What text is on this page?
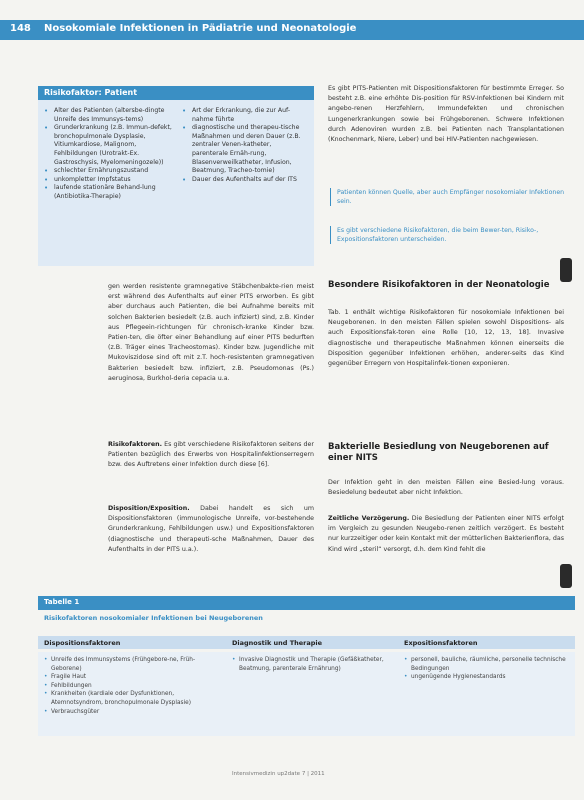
148 Nosokomiale Infektionen in Pädiatrie und Neonatologie
Risikofaktor: Patient
• Alter des Patienten (altersbe-dingte Unreife des Immunsys-tems)
• Grunderkrankung (z.B. Immun-defekt, bronchopulmonale Dysplasie, Vitiumkardiose, Malignom, Fehlbildungen (Urotrakt-Ex. Gastroschysis, Myelomeningozele))
• schlechter Ernährungszustand
• unkompletter Impfstatus
• laufende stationäre Behand-lung (Antibiotika-Therapie)
• Art der Erkrankung, die zur Auf-nahme führte
• diagnostische und therapeu-tische Maßnahmen und deren Dauer (z.B. zentraler Venen-katheter, parenterale Ernäh-rung, Blasenverweilkatheter, Infusion, Beatmung, Tracheo-tomie)
• Dauer des Aufenthalts auf der ITS

Es gibt PITS-Patienten mit Dispositionsfaktoren für bestimmte Erreger. So besteht z.B. eine erhöhte Dis-position für RSV-Infektionen bei Kindern mit angebo-renen Herzfehlern, Immundefekten und chronischen Lungenerkrankungen sowie bei Frühgeborenen. Schwere Infektionen durch Adenoviren wurden z.B. bei Patienten nach Transplantationen (Knochenmark, Niere, Leber) und bei HIV-Patienten nachgewiesen.

Patienten können Quelle, aber auch Empfänger nosokomialer Infektionen sein.
Es gibt verschiedene Risikofaktoren, die beim Bewer-ten, Risiko-, Expositionsfaktoren unterscheiden.

gen werden resistente gramnegative Stäbchenbakte-rien meist erst während des Aufenthalts auf einer PITS erworben. Es gibt aber durchaus auch Patienten, die bei Aufnahme bereits mit solchen Bakterien besiedelt (z.B. auch infiziert) sind, z.B. Kinder aus Pflegeein-richtungen für chronisch-kranke Kinder bzw. Patien-ten, die öfter einer Behandlung auf einer PITS bedurften (z.B. Träger eines Tracheostomas). Kinder bzw. Jugendliche mit Mukoviszidose sind oft mit z.T. hoch-resistenten gramnegativen Bakterien besiedelt bzw. infiziert, z.B. Pseudomonas (Ps.) aeruginosa, Burkhol-deria cepacia u.a.

Risikofaktoren. Es gibt verschiedene Risikofaktoren seitens der Patienten bezüglich des Erwerbs von Hospitalinfektionserregern bzw. des Auftretens einer Infektion durch diese [6].

Disposition/Exposition. Dabei handelt es sich um Dispositionsfaktoren (immunologische Unreife, vor-bestehende Grunderkrankung, Fehlbildungen usw.) und Expositionsfaktoren (diagnostische und therapeuti-sche Maßnahmen, Dauer des Aufenthalts in der PITS u.a.).

Besondere Risikofaktoren in der Neonatologie

Tab. 1 enthält wichtige Risikofaktoren für nosokomiale Infektionen bei Neugeborenen. In den meisten Fällen spielen sowohl Dispositions- als auch Expositionsfak-toren eine Rolle [10, 12, 13, 18]. Invasive diagnostische und therapeutische Maßnahmen können einerseits die Disposition gegenüber Infektionen erhöhen, anderer-seits das Kind gegenüber Erregern von Hospitalinfek-tionen exponieren.

Bakterielle Besiedlung von Neugeborenen auf einer NITS

Der Infektion geht in den meisten Fällen eine Besied-lung voraus. Besiedelung bedeutet aber nicht Infektion.

Zeitliche Verzögerung. Die Besiedlung der Patienten einer NITS erfolgt im Vergleich zu gesunden Neugebo-renen zeitlich verzögert. Es besteht nur kurzzeitiger oder kein Kontakt mit der mütterlichen Bakterienflora, das Kind wird „steril“ versorgt, d.h. dem Kind fehlt die

Tabelle 1
Risikofaktoren nosokomialer Infektionen bei Neugeborenen
Dispositionsfaktoren	Diagnostik und Therapie	Expositionsfaktoren
• Unreife des Immunsystems (Frühgebore-ne, Früh-Geborene)
• Fragile Haut
• Fehlbildungen
• Krankheiten (kardiale oder Dysfunktionen, Atemnotsyndrom, bronchopulmonale Dysplasie)
• Verbrauchsgüter
• Invasive Diagnostik und Therapie (Gefäßkatheter, Beatmung, parenterale Ernährung)
• personell, bauliche, räumliche, personelle technische Bedingungen
• ungenügende Hygienestandards
Intensivmedizin up2date 7 | 2011
